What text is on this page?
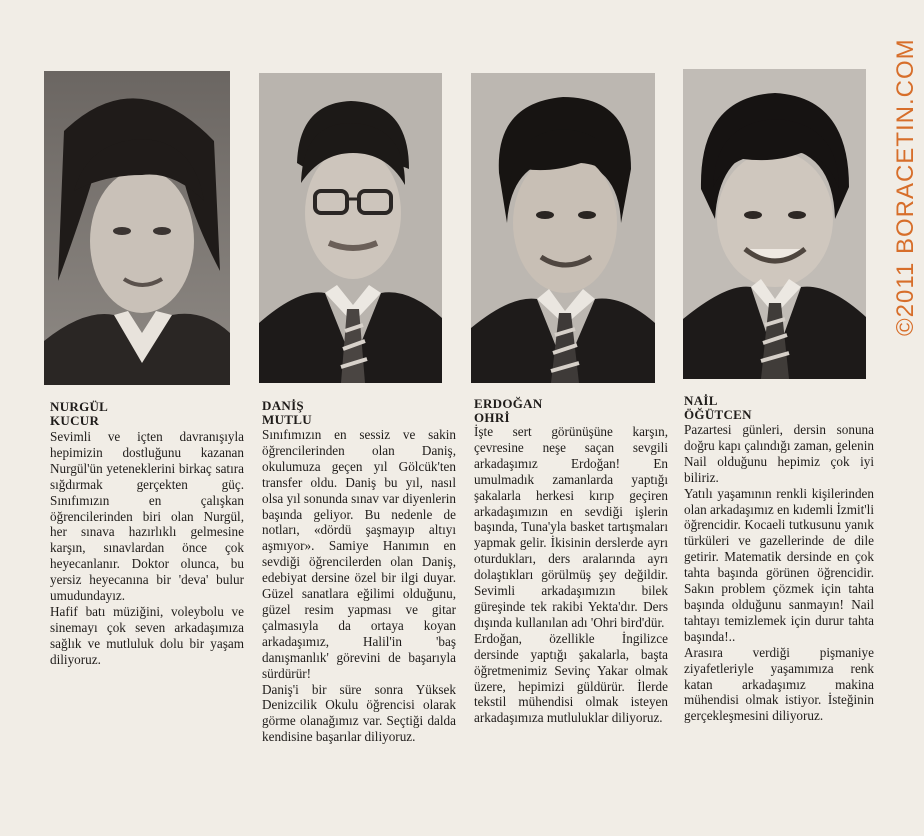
NURGÜL
KUCUR

Sevimli ve içten davranışıyla hepimizin dostluğunu kazanan Nurgül'ün yeteneklerini birkaç satıra sığdırmak gerçekten güç. Sınıfımızın en çalışkan öğrencilerinden biri olan Nurgül, her sınava hazırlıklı gelmesine karşın, sınavlardan önce çok heyecanlanır. Doktor olunca, bu yersiz heyecanına bir 'deva' bulur umudundayız.

Hafif batı müziğini, voleybolu ve sinemayı çok seven arkadaşımıza sağlık ve mutluluk dolu bir yaşam diliyoruz.

DANİŞ
MUTLU

Sınıfımızın en sessiz ve sakin öğrencilerinden olan Daniş, okulumuza geçen yıl Gölcük'ten transfer oldu. Daniş bu yıl, nasıl olsa yıl sonunda sınav var diyenlerin başında geliyor. Bu nedenle de notları, «dördü şaşmayıp altıyı aşmıyor». Samiye Hanımın en sevdiği öğrencilerden olan Daniş, edebiyat dersine özel bir ilgi duyar. Güzel sanatlara eğilimi olduğunu, güzel resim yapması ve gitar çalmasıyla da ortaya koyan arkadaşımız, Halil'in 'baş danışmanlık' görevini de başarıyla sürdürür!

Daniş'i bir süre sonra Yüksek Denizcilik Okulu öğrencisi olarak görme olanağımız var. Seçtiği dalda kendisine başarılar diliyoruz.

ERDOĞAN
OHRİ

İşte sert görünüşüne karşın, çevresine neşe saçan sevgili arkadaşımız Erdoğan! En umulmadık zamanlarda yaptığı şakalarla herkesi kırıp geçiren arkadaşımızın en sevdiği işlerin başında, Tuna'yla basket tartışmaları yapmak gelir. İkisinin derslerde ayrı oturdukları, ders aralarında ayrı dolaştıkları görülmüş şey değildir. Sevimli arkadaşımızın bilek güreşinde tek rakibi Yekta'dır. Ders dışında kullanılan adı 'Ohri bird'dür.

Erdoğan, özellikle İngilizce dersinde yaptığı şakalarla, başta öğretmenimiz Sevinç Yakar olmak üzere, hepimizi güldürür. İlerde tekstil mühendisi olmak isteyen arkadaşımıza mutluluklar diliyoruz.

NAİL
ÖĞÜTCEN

Pazartesi günleri, dersin sonuna doğru kapı çalındığı zaman, gelenin Nail olduğunu hepimiz çok iyi biliriz.

Yatılı yaşamının renkli kişilerinden olan arkadaşımız en kıdemli İzmit'li öğrencidir. Kocaeli tutkusunu yanık türküleri ve gazellerinde de dile getirir. Matematik dersinde en çok tahta başında görünen öğrencidir. Sakın problem çözmek için tahta başında olduğunu sanmayın! Nail tahtayı temizlemek için durur tahta başında!..

Arasıra verdiği pişmaniye ziyafetleriyle yaşamımıza renk katan arkadaşımız makina mühendisi olmak istiyor. İsteğinin gerçekleşmesini diliyoruz.

©2011 BORACETIN.COM
